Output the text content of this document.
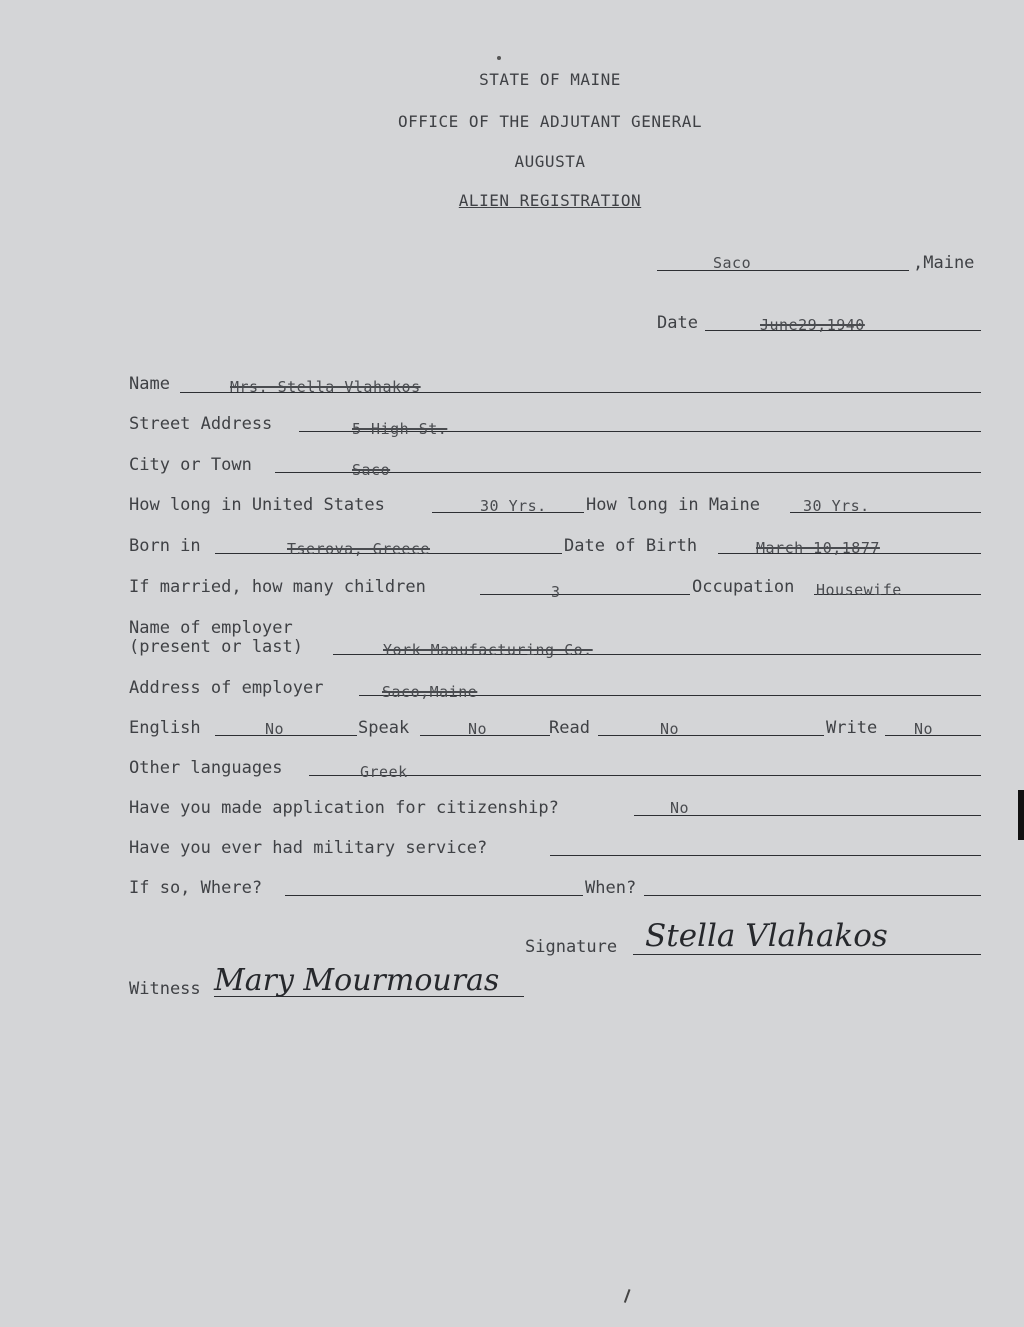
STATE OF MAINE
OFFICE OF THE ADJUTANT GENERAL
AUGUSTA
ALIEN REGISTRATION
Saco	,Maine
Date	June29,1940
Name	Mrs. Stella Vlahakos
Street Address	5 High St.
City or Town	Saco
How long in United States	30 Yrs. How long in Maine	30 Yrs.
Born in	Tserova, Greece	Date of Birth	March 10,1877
If married, how many children	3	Occupation Housewife
Name of employer
(present or last)	York Manufacturing Co.
Address of employer	Saco,Maine
English	No	Speak	No	Read	No	Write No
Other languages	Greek
Have you made application for citizenship?	No
Have you ever had military service?
If so, Where?	When?
Signature Stella Vlahakos
Witness Mary Mourmouras
